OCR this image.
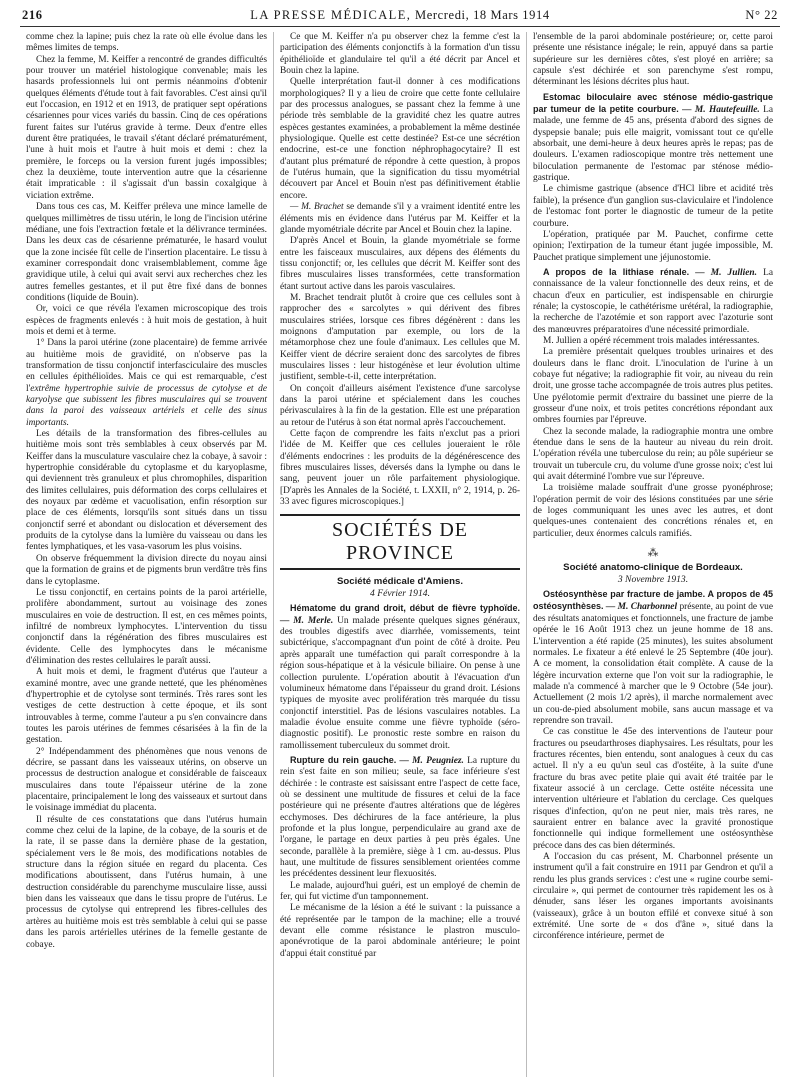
216	LA PRESSE MÉDICALE, Mercredi, 18 Mars 1914	N° 22

comme chez la lapine; puis chez la rate où elle évolue dans les mêmes limites de temps.

Chez la femme, M. Keiffer a rencontré de grandes difficultés pour trouver un matériel histologique convenable; mais les hasards professionnels lui ont permis néanmoins d'obtenir quelques éléments d'étude tout à fait favorables. C'est ainsi qu'il eut l'occasion, en 1912 et en 1913, de pratiquer sept opérations césariennes pour vices variés du bassin. Cinq de ces opérations furent faites sur l'utérus gravide à terme. Deux d'entre elles durent être pratiquées, le travail s'étant déclaré prématurément, l'une à huit mois et l'autre à huit mois et demi : chez la première, le forceps ou la version furent jugés impossibles; chez la deuxième, toute intervention autre que la césarienne était impraticable : il s'agissait d'un bassin coxalgique à viciation extrême.

Dans tous ces cas, M. Keiffer préleva une mince lamelle de quelques millimètres de tissu utérin, le long de l'incision utérine médiane, une fois l'extraction fœtale et la délivrance terminées. Dans les deux cas de césarienne prématurée, le hasard voulut que la zone incisée fût celle de l'insertion placentaire. Le tissu à examiner correspondait donc vraisemblablement, comme âge gravidique utile, à celui qui avait servi aux recherches chez les autres femelles gestantes, et il put être fixé dans de bonnes conditions (liquide de Bouin).

Or, voici ce que révéla l'examen microscopique des trois espèces de fragments enlevés : à huit mois de gestation, à huit mois et demi et à terme.

1° Dans la paroi utérine (zone placentaire) de femme arrivée au huitième mois de gravidité, on n'observe pas la transformation de tissu conjonctif interfasciculaire des muscles en cellules épithélioïdes. Mais ce qui est remarquable, c'est l'extrême hypertrophie suivie de processus de cytolyse et de karyolyse que subissent les fibres musculaires qui se trouvent dans la paroi des vaisseaux artériels et celle des sinus importants.

Les détails de la transformation des fibres-cellules au huitième mois sont très semblables à ceux observés par M. Keiffer dans la musculature vasculaire chez la cobaye, à savoir : hypertrophie considérable du cytoplasme et du karyoplasme, qui deviennent très granuleux et plus chromophiles, disparition des limites cellulaires, puis déformation des corps cellulaires et des noyaux par œdème et vacuolisation, enfin résorption sur place de ces éléments, lorsqu'ils sont situés dans un tissu conjonctif serré et abondant ou dislocation et déversement des produits de la cytolyse dans la lumière du vaisseau ou dans les fentes lymphatiques, et les vasa-vasorum les plus voisins.

On observe fréquemment la division directe du noyau ainsi que la formation de grains et de pigments brun verdâtre très fins dans le cytoplasme.

Le tissu conjonctif, en certains points de la paroi artérielle, prolifère abondamment, surtout au voisinage des zones musculaires en voie de destruction. Il est, en ces mêmes points, infiltré de nombreux lymphocytes. L'intervention du tissu conjonctif dans la régénération des fibres musculaires est évidente. Celle des lymphocytes dans le mécanisme d'élimination des restes cellulaires le paraît aussi.

A huit mois et demi, le fragment d'utérus que l'auteur a examiné montre, avec une grande netteté, que les phénomènes d'hypertrophie et de cytolyse sont terminés. Très rares sont les vestiges de cette destruction à cette époque, et ils sont introuvables à terme, comme l'auteur a pu s'en convaincre dans toutes les parois utérines de femmes césarisées à la fin de la gestation.

2° Indépendamment des phénomènes que nous venons de décrire, se passant dans les vaisseaux utérins, on observe un processus de destruction analogue et considérable de faisceaux musculaires dans toute l'épaisseur utérine de la zone placentaire, principalement le long des vaisseaux et surtout dans le voisinage immédiat du placenta.

Il résulte de ces constatations que dans l'utérus humain comme chez celui de la lapine, de la cobaye, de la souris et de la rate, il se passe dans la dernière phase de la gestation, spécialement vers le 8e mois, des modifications notables de structure dans la région située en regard du placenta. Ces modifications aboutissent, dans l'utérus humain, à une destruction considérable du parenchyme musculaire lisse, aussi bien dans les vaisseaux que dans le tissu propre de l'utérus. Le processus de cytolyse qui entreprend les fibres-cellules des artères au huitième mois est très semblable à celui qui se passe dans les parois artérielles utérines de la femelle gestante de cobaye.

Ce que M. Keiffer n'a pu observer chez la femme c'est la participation des éléments conjonctifs à la formation d'un tissu épithélioïde et glandulaire tel qu'il a été décrit par Ancel et Bouin chez la lapine.

Quelle interprétation faut-il donner à ces modifications morphologiques? Il y a lieu de croire que cette fonte cellulaire par des processus analogues, se passant chez la femme à une période très semblable de la gravidité chez les quatre autres espèces gestantes examinées, a probablement la même destinée physiologique. Quelle est cette destinée? Est-ce une sécrétion endocrine, est-ce une fonction néphrophagocytaire? Il est d'autant plus prématuré de répondre à cette question, à propos de l'utérus humain, que la signification du tissu myométrial découvert par Ancel et Bouin n'est pas définitivement établie encore.

— M. Brachet se demande s'il y a vraiment identité entre les éléments mis en évidence dans l'utérus par M. Keiffer et la glande myométriale décrite par Ancel et Bouin chez la lapine.

D'après Ancel et Bouin, la glande myométriale se forme entre les faisceaux musculaires, aux dépens des éléments du tissu conjonctif; or, les cellules que décrit M. Keiffer sont des fibres musculaires lisses transformées, cette transformation étant surtout active dans les parois vasculaires.

M. Brachet tendrait plutôt à croire que ces cellules sont à rapprocher des « sarcolytes » qui dérivent des fibres musculaires striées, lorsque ces fibres dégénèrent : dans les moignons d'amputation par exemple, ou lors de la métamorphose chez une foule d'animaux. Les cellules que M. Keiffer vient de décrire seraient donc des sarcolytes de fibres musculaires lisses : leur histogénèse et leur évolution ultime justifient, semble-t-il, cette interprétation.

On conçoit d'ailleurs aisément l'existence d'une sarcolyse dans la paroi utérine et spécialement dans les couches périvasculaires à la fin de la gestation. Elle est une préparation au retour de l'utérus à son état normal après l'accouchement.

Cette façon de comprendre les faits n'exclut pas a priori l'idée de M. Keiffer que ces cellules joueraient le rôle d'éléments endocrines : les produits de la dégénérescence des fibres musculaires lisses, déversés dans la lymphe ou dans le sang, peuvent jouer un rôle parfaitement physiologique. [D'après les Annales de la Société, t. LXXII, n° 2, 1914, p. 26-33 avec figures microscopiques.]

SOCIÉTÉS DE PROVINCE
Société médicale d'Amiens.
4 Février 1914.

Hématome du grand droit, début de fièvre typhoïde. — M. Merle. Un malade présente quelques signes généraux, des troubles digestifs avec diarrhée, vomissements, teint subictérique, s'accompagnant d'un point de côté à droite. Peu après apparaît une tuméfaction qui paraît correspondre à la région sous-hépatique et à la vésicule biliaire. On pense à une collection purulente. L'opération aboutit à l'évacuation d'un volumineux hématome dans l'épaisseur du grand droit. Lésions typiques de myosite avec prolifération très marquée du tissu conjonctif interstitiel. Pas de lésions vasculaires notables. La maladie évolue ensuite comme une fièvre typhoïde (séro-diagnostic positif). Le pronostic reste sombre en raison du ramollissement tuberculeux du sommet droit.

Rupture du rein gauche. — M. Peugniez. La rupture du rein s'est faite en son milieu; seule, sa face inférieure s'est déchirée : le contraste est saisissant entre l'aspect de cette face, où se dessinent une multitude de fissures et celui de la face postérieure qui ne présente d'autres altérations que de légères ecchymoses. Des déchirures de la face antérieure, la plus profonde et la plus longue, perpendiculaire au grand axe de l'organe, le partage en deux parties à peu près égales. Une seconde, parallèle à la première, siège à 1 cm. au-dessus. Plus haut, une multitude de fissures sensiblement orientées comme les précédentes dessinent leur flexuosités.

Le malade, aujourd'hui guéri, est un employé de chemin de fer, qui fut victime d'un tamponnement.

Le mécanisme de la lésion a été le suivant : la puissance a été représentée par le tampon de la machine; elle a trouvé devant elle comme résistance le plastron musculo-aponévrotique de la paroi abdominale antérieure; le point d'appui était constitué par

l'ensemble de la paroi abdominale postérieure; or, cette paroi présente une résistance inégale; le rein, appuyé dans sa partie supérieure sur les dernières côtes, s'est ployé en arrière; sa capsule s'est déchirée et son parenchyme s'est rompu, déterminant les lésions décrites plus haut.

Estomac biloculaire avec sténose médio-gastrique par tumeur de la petite courbure. — M. Hautefeuille. La malade, une femme de 45 ans, présenta d'abord des signes de dyspepsie banale; puis elle maigrit, vomissant tout ce qu'elle absorbait, une demi-heure à deux heures après le repas; pas de douleurs. L'examen radioscopique montre très nettement une biloculation permanente de l'estomac par sténose médio-gastrique.

Le chimisme gastrique (absence d'HCl libre et acidité très faible), la présence d'un ganglion sus-claviculaire et l'indolence de l'estomac font porter le diagnostic de tumeur de la petite courbure.

L'opération, pratiquée par M. Pauchet, confirme cette opinion; l'extirpation de la tumeur étant jugée impossible, M. Pauchet pratique simplement une jéjunostomie.

A propos de la lithiase rénale. — M. Jullien. La connaissance de la valeur fonctionnelle des deux reins, et de chacun d'eux en particulier, est indispensable en chirurgie rénale; la cystoscopie, le cathétérisme urétéral, la radiographie, la recherche de l'azotémie et son rapport avec l'azoturie sont des manœuvres préparatoires d'une nécessité primordiale.

M. Jullien a opéré récemment trois malades intéressantes.

La première présentait quelques troubles urinaires et des douleurs dans le flanc droit. L'inoculation de l'urine à un cobaye fut négative; la radiographie fit voir, au niveau du rein droit, une grosse tache accompagnée de trois autres plus petites. Une pyélotomie permit d'extraire du bassinet une pierre de la grosseur d'une noix, et trois petites concrétions répondant aux ombres fournies par l'épreuve.

Chez la seconde malade, la radiographie montra une ombre étendue dans le sens de la hauteur au niveau du rein droit. L'opération révéla une tuberculose du rein; au pôle supérieur se trouvait un tubercule cru, du volume d'une grosse noix; c'est lui qui avait déterminé l'ombre vue sur l'épreuve.

La troisième malade souffrait d'une grosse pyonéphrose; l'opération permit de voir des lésions constituées par une série de loges communiquant les unes avec les autres, et dont quelques-unes contenaient des concrétions rénales et, en particulier, deux énormes calculs ramifiés.

⁂
Société anatomo-clinique de Bordeaux.
3 Novembre 1913.

Ostéosynthèse par fracture de jambe. A propos de 45 ostéosynthèses. — M. Charbonnel présente, au point de vue des résultats anatomiques et fonctionnels, une fracture de jambe opérée le 16 Août 1913 chez un jeune homme de 18 ans. L'intervention a été rapide (25 minutes), les suites absolument normales. Le fixateur a été enlevé le 25 Septembre (40e jour). A ce moment, la consolidation était complète. A cause de la légère incurvation externe que l'on voit sur la radiographie, le malade n'a commencé à marcher que le 9 Octobre (54e jour). Actuellement (2 mois 1/2 après), il marche normalement avec un cou-de-pied absolument mobile, sans aucun massage et va reprendre son travail.

Ce cas constitue le 45e des interventions de l'auteur pour fractures ou pseudarthroses diaphysaires. Les résultats, pour les fractures récentes, bien entendu, sont analogues à ceux du cas actuel. Il n'y a eu qu'un seul cas d'ostéite, à la suite d'une fracture du bras avec petite plaie qui avait été traitée par le fixateur associé à un cerclage. Cette ostéite nécessita une intervention ultérieure et l'ablation du cerclage. Ces quelques risques d'infection, qu'on ne peut nier, mais très rares, ne sauraient entrer en balance avec la gravité pronostique fonctionnelle qui indique formellement une ostéosynthèse précoce dans des cas bien déterminés.

A l'occasion du cas présent, M. Charbonnel présente un instrument qu'il a fait construire en 1911 par Gendron et qu'il a rendu les plus grands services : c'est une « rugine courbe semi-circulaire », qui permet de contourner très rapidement les os à dénuder, sans léser les organes importants avoisinants (vaisseaux), grâce à un bouton effilé et convexe situé à son extrémité. Une sorte de « dos d'âne », situé dans la circonférence intérieure, permet de
